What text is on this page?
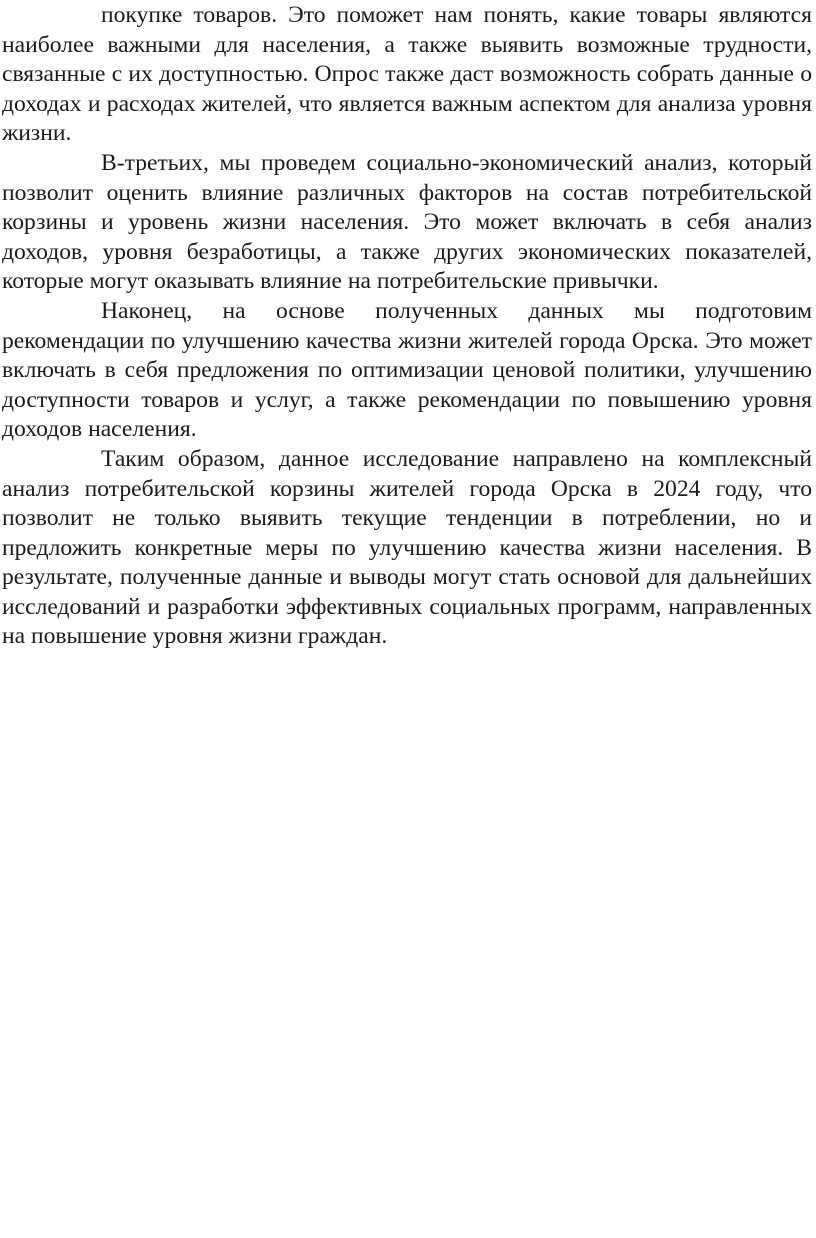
покупке товаров. Это поможет нам понять, какие товары являются наиболее важными для населения, а также выявить возможные трудности, связанные с их доступностью. Опрос также даст возможность собрать данные о доходах и расходах жителей, что является важным аспектом для анализа уровня жизни.

В-третьих, мы проведем социально-экономический анализ, который позволит оценить влияние различных факторов на состав потребительской корзины и уровень жизни населения. Это может включать в себя анализ доходов, уровня безработицы, а также других экономических показателей, которые могут оказывать влияние на потребительские привычки.

Наконец, на основе полученных данных мы подготовим рекомендации по улучшению качества жизни жителей города Орска. Это может включать в себя предложения по оптимизации ценовой политики, улучшению доступности товаров и услуг, а также рекомендации по повышению уровня доходов населения.

Таким образом, данное исследование направлено на комплексный анализ потребительской корзины жителей города Орска в 2024 году, что позволит не только выявить текущие тенденции в потреблении, но и предложить конкретные меры по улучшению качества жизни населения. В результате, полученные данные и выводы могут стать основой для дальнейших исследований и разработки эффективных социальных программ, направленных на повышение уровня жизни граждан.
